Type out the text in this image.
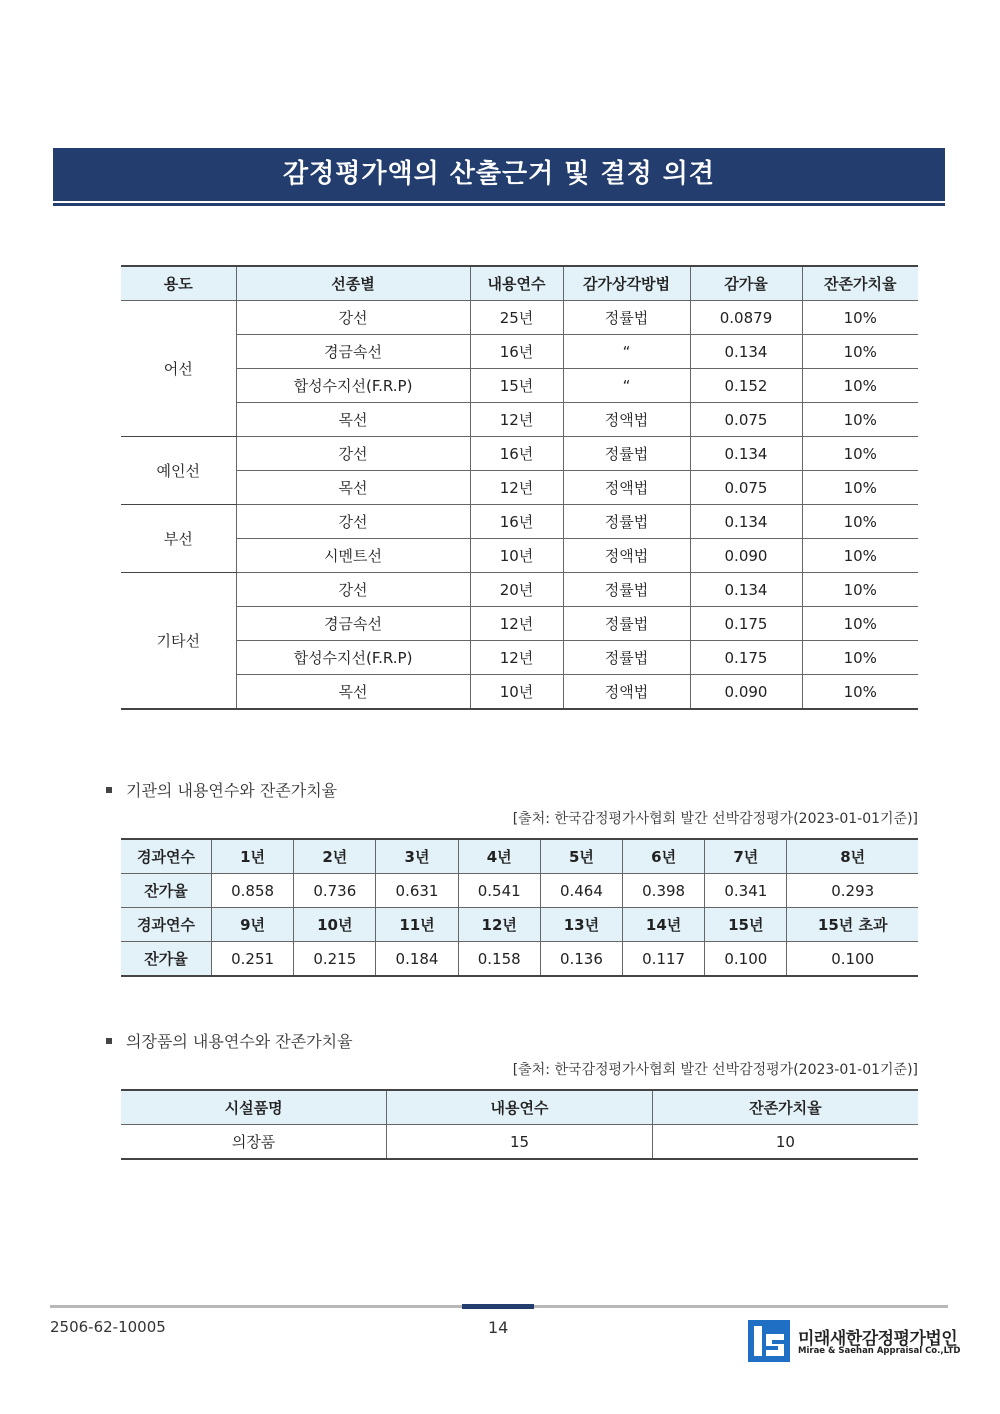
감정평가액의 산출근거 및 결정 의견
용도	선종별	내용연수	감가상각방법	감가율	잔존가치율
어선	강선	25년	정률법	0.0879	10%
	경금속선	16년	“	0.134	10%
	합성수지선(F.R.P)	15년	“	0.152	10%
	목선	12년	정액법	0.075	10%
예인선	강선	16년	정률법	0.134	10%
	목선	12년	정액법	0.075	10%
부선	강선	16년	정률법	0.134	10%
	시멘트선	10년	정액법	0.090	10%
기타선	강선	20년	정률법	0.134	10%
	경금속선	12년	정률법	0.175	10%
	합성수지선(F.R.P)	12년	정률법	0.175	10%
	목선	10년	정액법	0.090	10%
기관의 내용연수와 잔존가치율
[출처: 한국감정평가사협회 발간 선박감정평가(2023-01-01기준)]
경과연수	1년	2년	3년	4년	5년	6년	7년	8년
잔가율	0.858	0.736	0.631	0.541	0.464	0.398	0.341	0.293
경과연수	9년	10년	11년	12년	13년	14년	15년	15년 초과
잔가율	0.251	0.215	0.184	0.158	0.136	0.117	0.100	0.100
의장품의 내용연수와 잔존가치율
[출처: 한국감정평가사협회 발간 선박감정평가(2023-01-01기준)]
시설품명	내용연수	잔존가치율
의장품	15	10
2506-62-10005	14
미래새한감정평가법인
Mirae & Saehan Appraisal Co.,LTD
